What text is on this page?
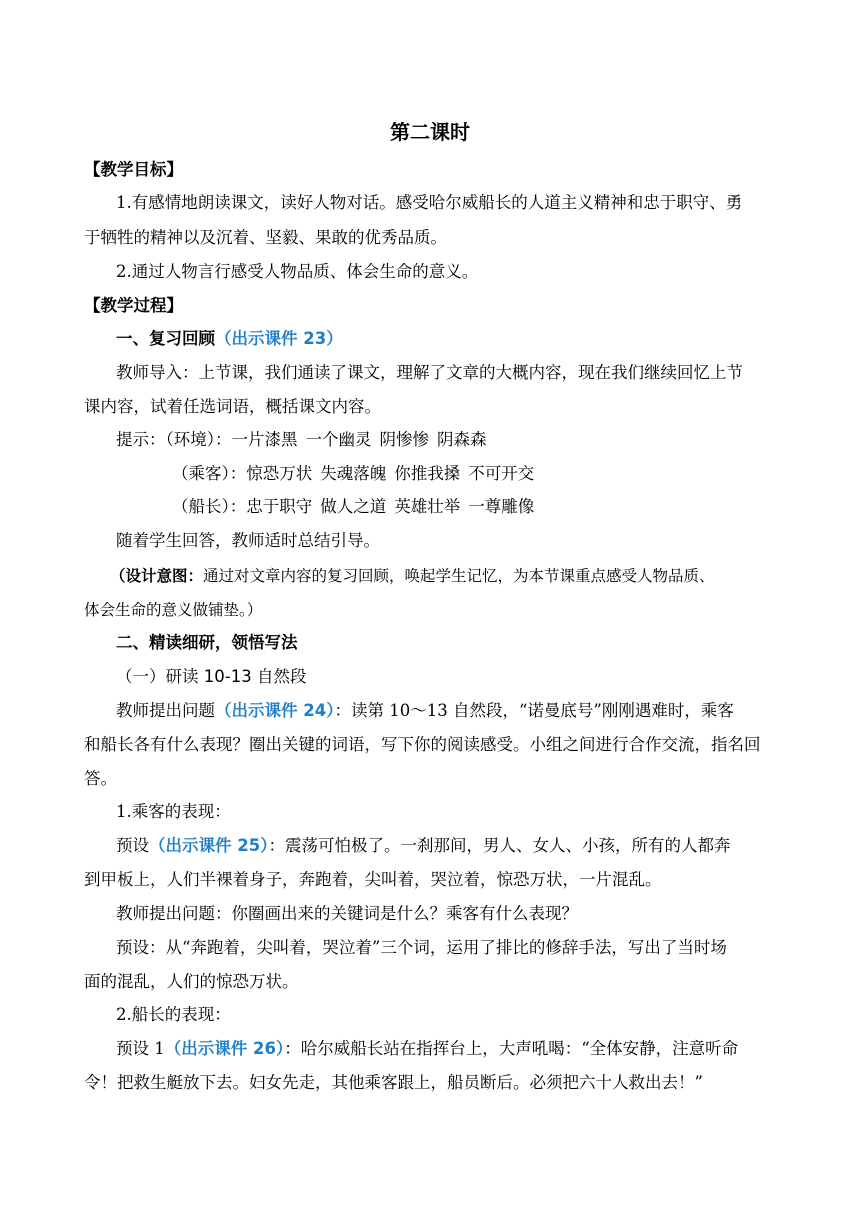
第二课时
【教学目标】
1.有感情地朗读课文，读好人物对话。感受哈尔威船长的人道主义精神和忠于职守、勇
于牺牲的精神以及沉着、坚毅、果敢的优秀品质。
2.通过人物言行感受人物品质、体会生命的意义。
【教学过程】
一、复习回顾（出示课件 23）
教师导入：上节课，我们通读了课文，理解了文章的大概内容，现在我们继续回忆上节
课内容，试着任选词语，概括课文内容。
提示：（环境）：一片漆黑 一个幽灵 阴惨惨 阴森森
（乘客）：惊恐万状 失魂落魄 你推我搡 不可开交
（船长）：忠于职守 做人之道 英雄壮举 一尊雕像
随着学生回答，教师适时总结引导。
（设计意图：通过对文章内容的复习回顾，唤起学生记忆，为本节课重点感受人物品质、
体会生命的意义做铺垫。）
二、精读细研，领悟写法
（一）研读 10-13 自然段
教师提出问题（出示课件 24）：读第 10～13 自然段，“诺曼底号”刚刚遇难时，乘客
和船长各有什么表现？圈出关键的词语，写下你的阅读感受。小组之间进行合作交流，指名回
答。
1.乘客的表现：
预设（出示课件 25）：震荡可怕极了。一刹那间，男人、女人、小孩，所有的人都奔
到甲板上，人们半裸着身子，奔跑着，尖叫着，哭泣着，惊恐万状，一片混乱。
教师提出问题：你圈画出来的关键词是什么？乘客有什么表现？
预设：从“奔跑着，尖叫着，哭泣着”三个词，运用了排比的修辞手法，写出了当时场
面的混乱，人们的惊恐万状。
2.船长的表现：
预设 1（出示课件 26）：哈尔威船长站在指挥台上，大声吼喝：“全体安静，注意听命
令！把救生艇放下去。妇女先走，其他乘客跟上，船员断后。必须把六十人救出去！”
